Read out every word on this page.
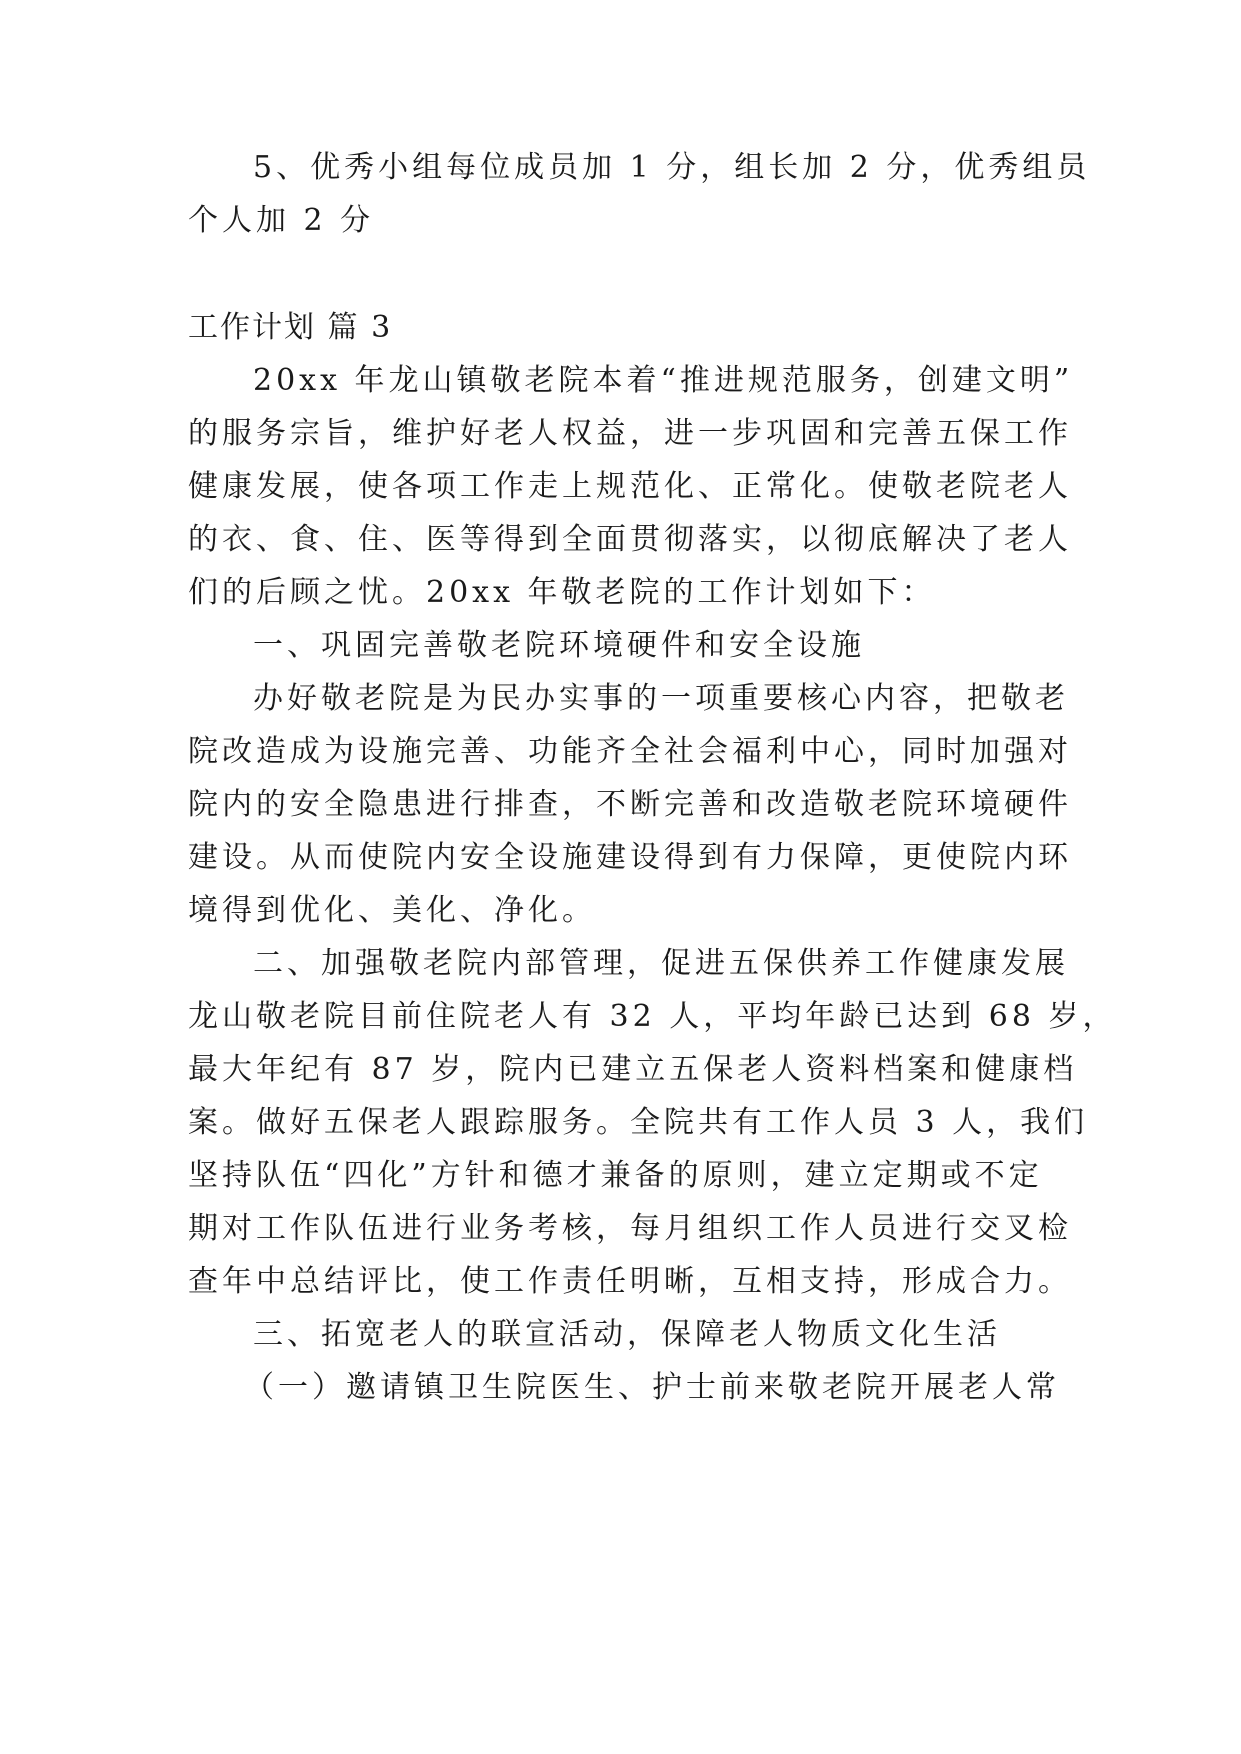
5、优秀小组每位成员加 1 分，组长加 2 分，优秀组员
个人加 2 分
工作计划 篇 3
20xx 年龙山镇敬老院本着“推进规范服务，创建文明”
的服务宗旨，维护好老人权益，进一步巩固和完善五保工作
健康发展，使各项工作走上规范化、正常化。使敬老院老人
的衣、食、住、医等得到全面贯彻落实，以彻底解决了老人
们的后顾之忧。20xx 年敬老院的工作计划如下：
一、巩固完善敬老院环境硬件和安全设施
办好敬老院是为民办实事的一项重要核心内容，把敬老
院改造成为设施完善、功能齐全社会福利中心，同时加强对
院内的安全隐患进行排查，不断完善和改造敬老院环境硬件
建设。从而使院内安全设施建设得到有力保障，更使院内环
境得到优化、美化、净化。
二、加强敬老院内部管理，促进五保供养工作健康发展
龙山敬老院目前住院老人有 32 人，平均年龄已达到 68 岁，
最大年纪有 87 岁，院内已建立五保老人资料档案和健康档
案。做好五保老人跟踪服务。全院共有工作人员 3 人，我们
坚持队伍“四化”方针和德才兼备的原则，建立定期或不定
期对工作队伍进行业务考核，每月组织工作人员进行交叉检
查年中总结评比，使工作责任明晰，互相支持，形成合力。
三、拓宽老人的联宣活动，保障老人物质文化生活
（一）邀请镇卫生院医生、护士前来敬老院开展老人常
